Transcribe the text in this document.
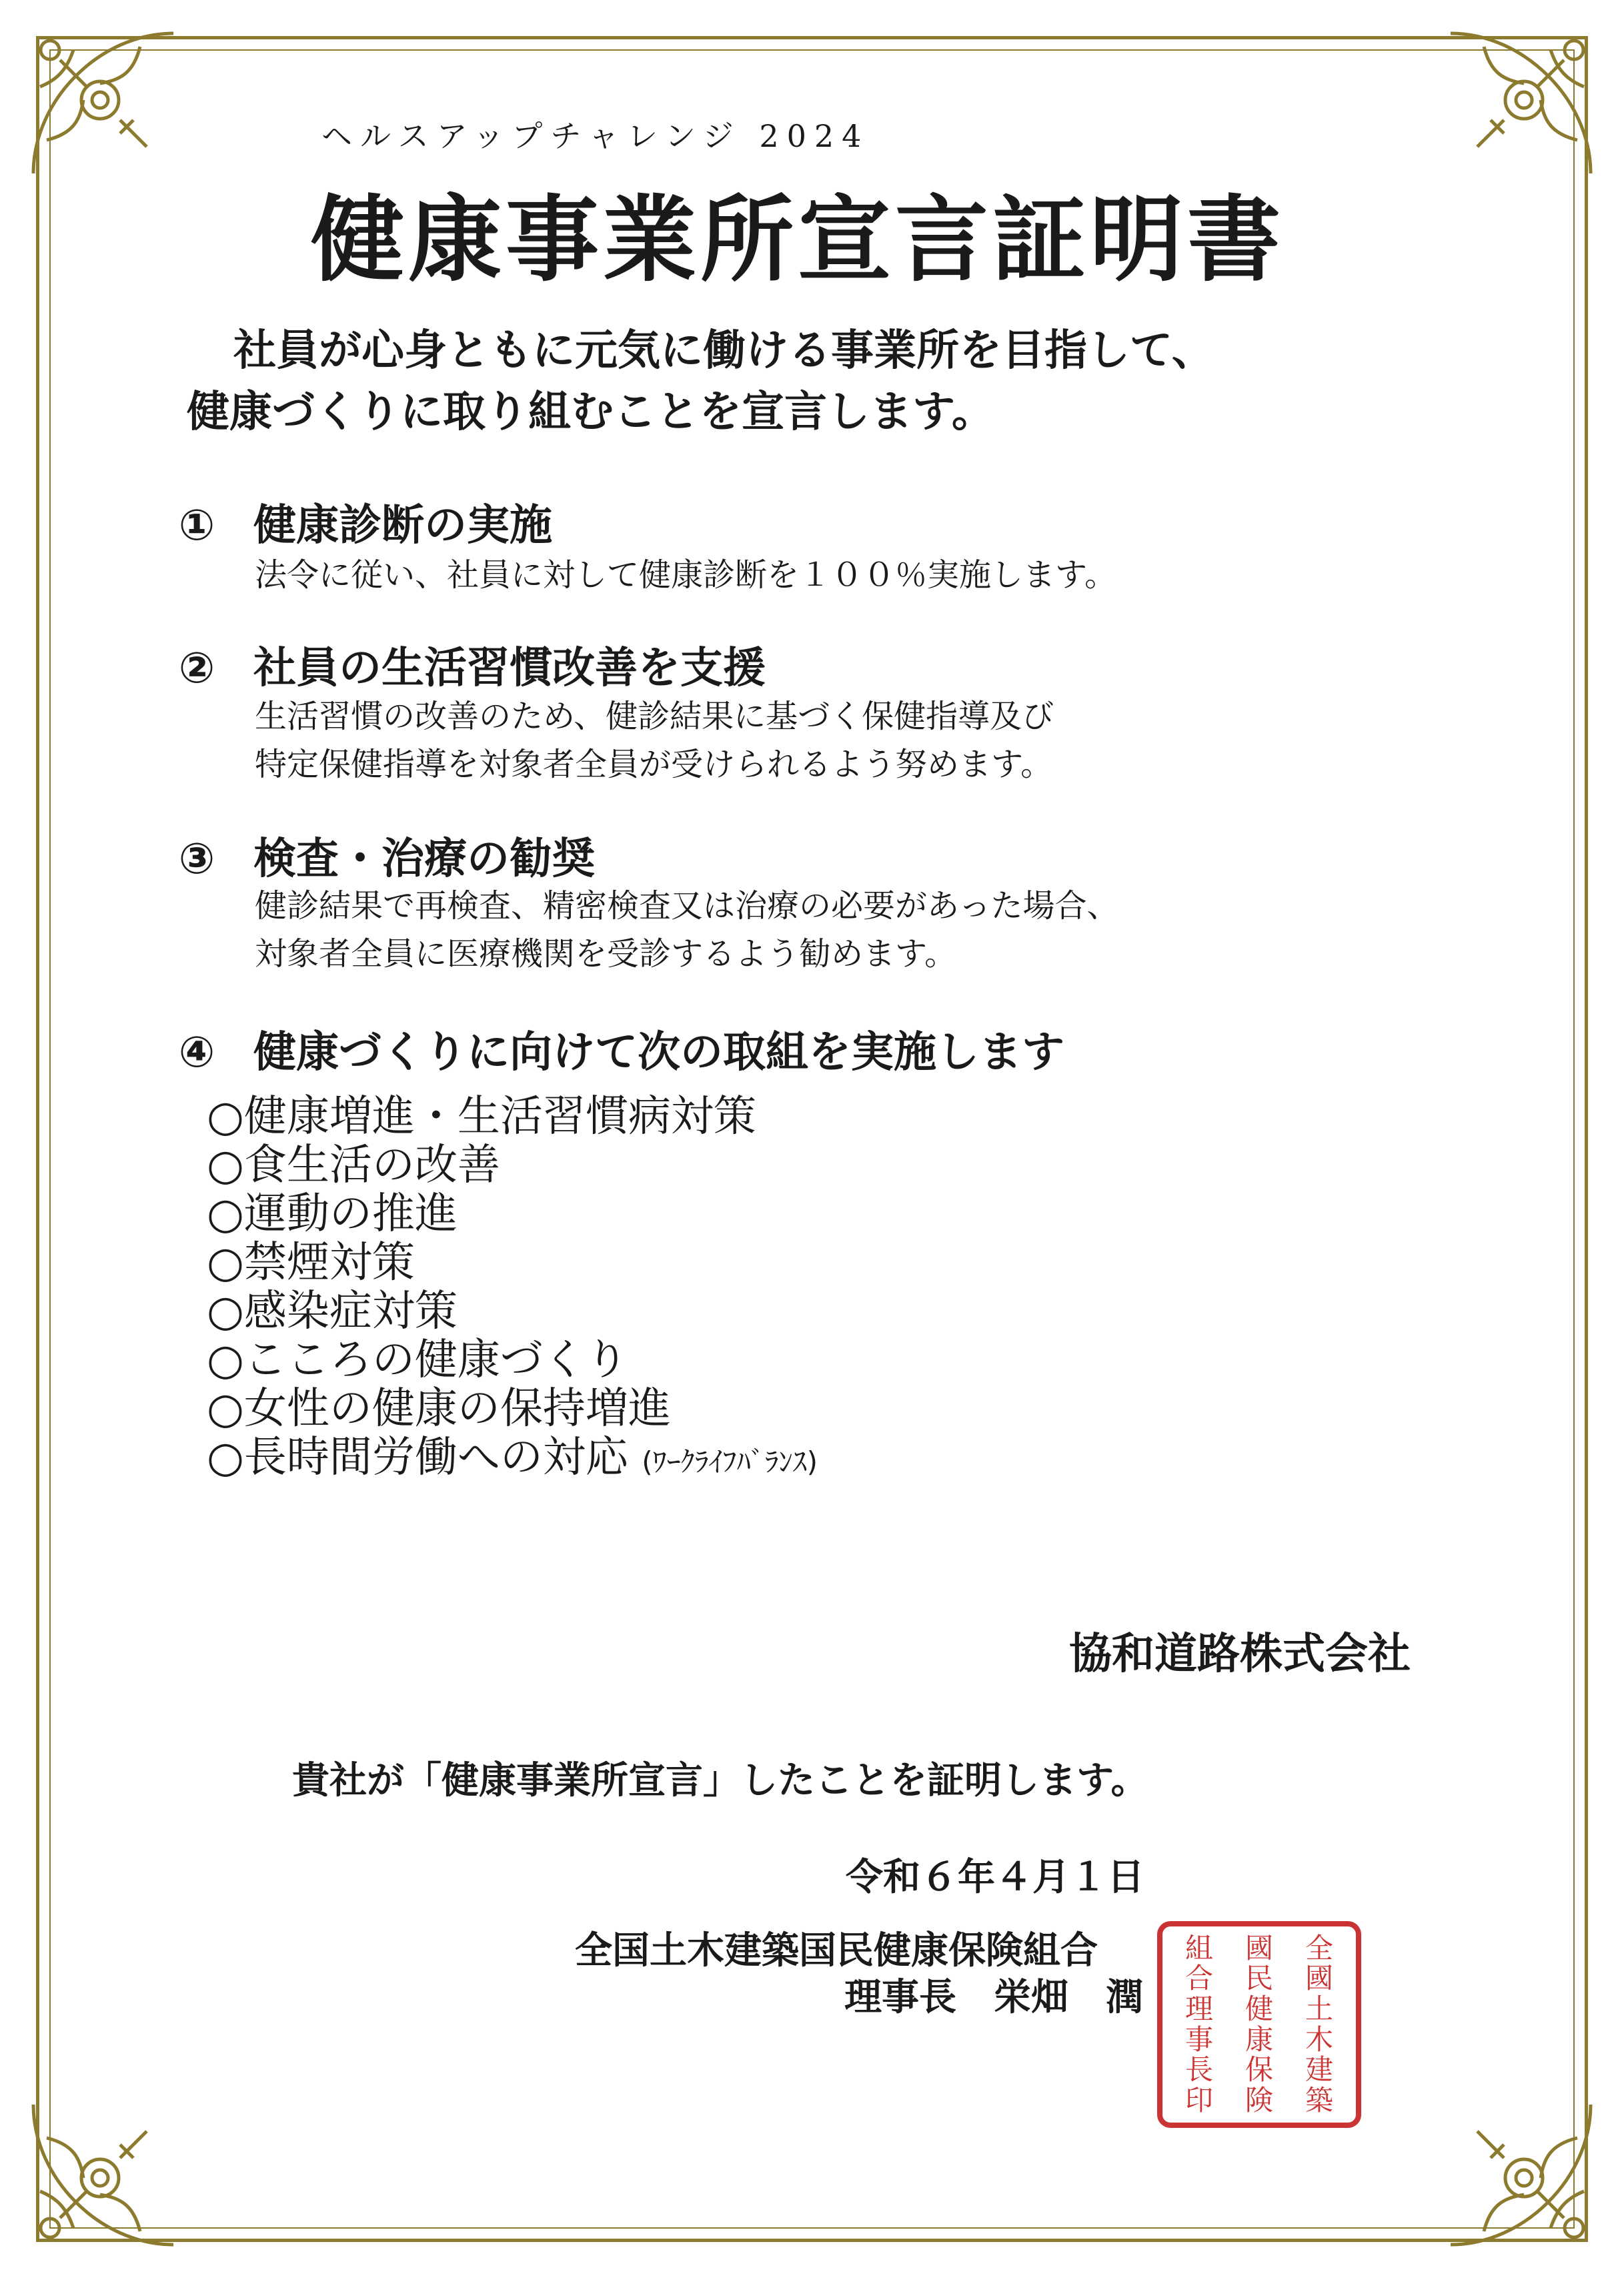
ヘルスアップチャレンジ 2024
健康事業所宣言証明書
社員が心身ともに元気に働ける事業所を目指して、
健康づくりに取り組むことを宣言します。
① 健康診断の実施
法令に従い、社員に対して健康診断を１００％実施します。
② 社員の生活習慣改善を支援
生活習慣の改善のため、健診結果に基づく保健指導及び
特定保健指導を対象者全員が受けられるよう努めます。
③ 検査・治療の勧奨
健診結果で再検査、精密検査又は治療の必要があった場合、
対象者全員に医療機関を受診するよう勧めます。
④ 健康づくりに向けて次の取組を実施します
○健康増進・生活習慣病対策
○食生活の改善
○運動の推進
○禁煙対策
○感染症対策
○こころの健康づくり
○女性の健康の保持増進
○長時間労働への対応 (ﾜｰｸﾗｲﾌﾊﾞﾗﾝｽ)
協和道路株式会社
貴社が「健康事業所宣言」したことを証明します。
令和６年４月１日
全国土木建築国民健康保険組合
理事長　栄畑　潤
全
國
土
木
建
築
國
民
健
康
保
険
組
合
理
事
長
印
